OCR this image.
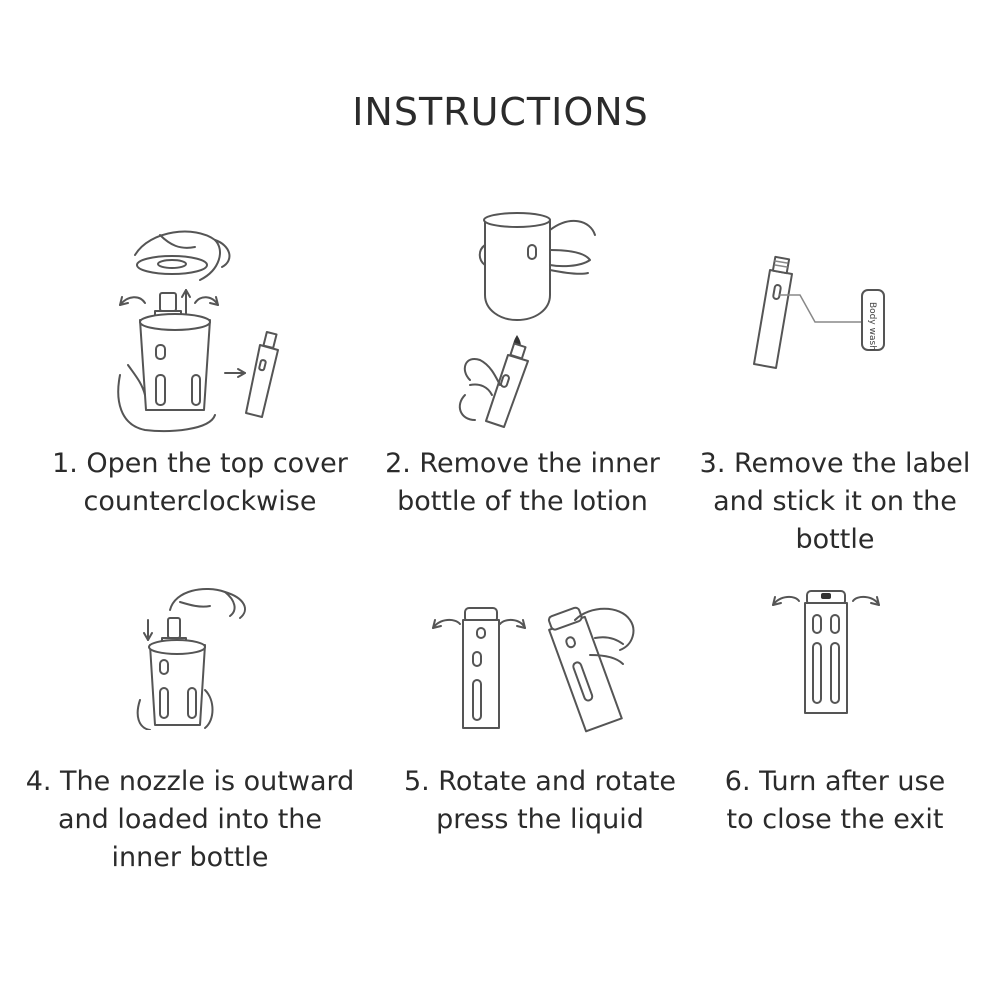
INSTRUCTIONS
Body wash
1. Open the top cover
counterclockwise
2. Remove the inner
bottle of the lotion
3. Remove the label
and stick it on the
bottle
4. The nozzle is outward
and loaded into the
inner bottle
5. Rotate and rotate
press the liquid
6. Turn after use
to close the exit
